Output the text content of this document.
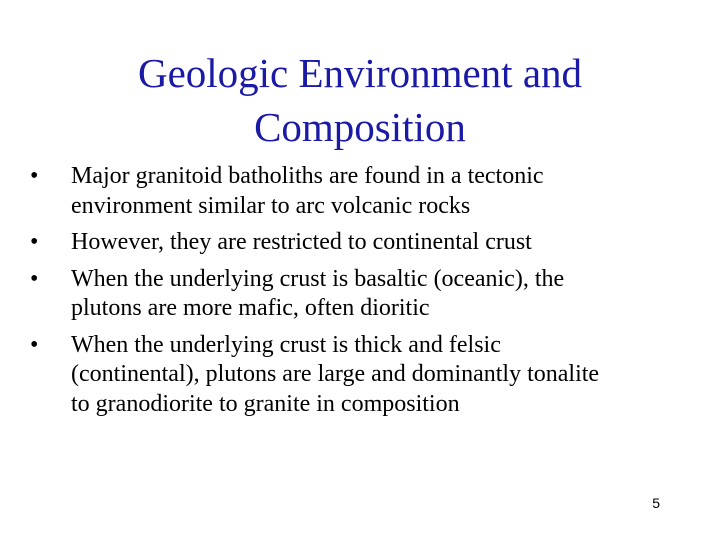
Geologic Environment and
Composition
•	Major granitoid batholiths are found in a tectonic
environment similar to arc volcanic rocks
•	However, they are restricted to continental crust
•	When the underlying crust is basaltic (oceanic), the
plutons are more mafic, often dioritic
•	When the underlying crust is thick and felsic
(continental), plutons are large and dominantly tonalite
to granodiorite to granite in composition
5
